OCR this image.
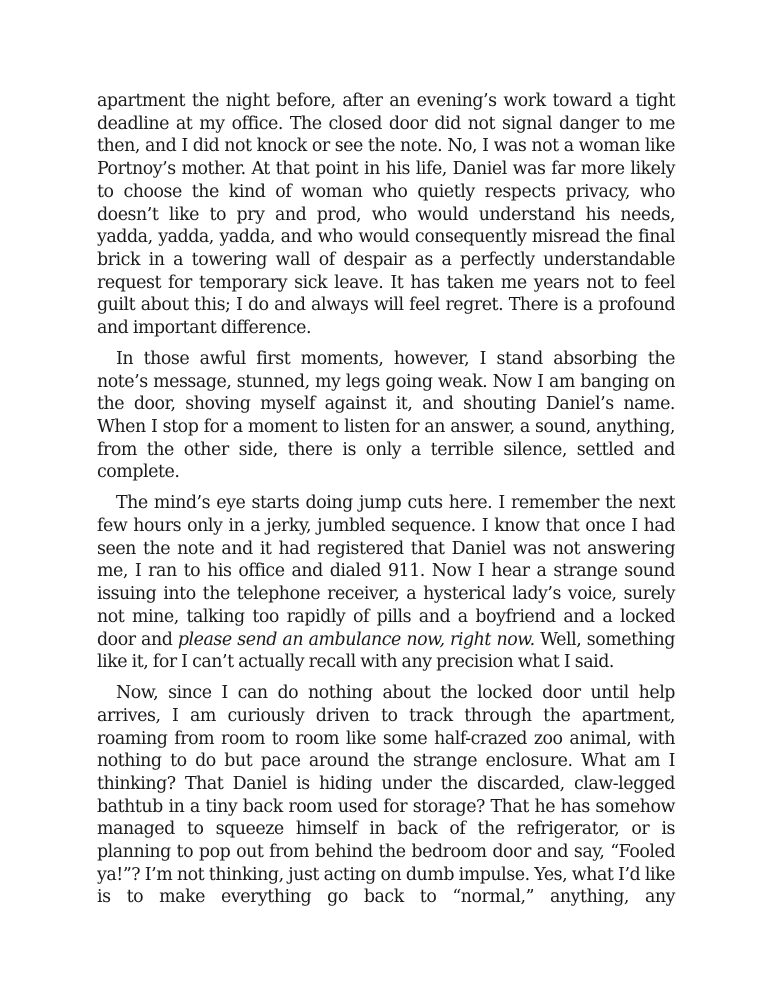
apartment the night before, after an evening’s work toward a tight deadline at my office. The closed door did not signal danger to me then, and I did not knock or see the note. No, I was not a woman like Portnoy’s mother. At that point in his life, Daniel was far more likely to choose the kind of woman who quietly respects privacy, who doesn’t like to pry and prod, who would understand his needs, yadda, yadda, yadda, and who would consequently misread the final brick in a towering wall of despair as a perfectly understandable request for temporary sick leave. It has taken me years not to feel guilt about this; I do and always will feel regret. There is a profound and important difference.

In those awful first moments, however, I stand absorbing the note’s message, stunned, my legs going weak. Now I am banging on the door, shoving myself against it, and shouting Daniel’s name. When I stop for a moment to listen for an answer, a sound, anything, from the other side, there is only a terrible silence, settled and complete.

The mind’s eye starts doing jump cuts here. I remember the next few hours only in a jerky, jumbled sequence. I know that once I had seen the note and it had registered that Daniel was not answering me, I ran to his office and dialed 911. Now I hear a strange sound issuing into the telephone receiver, a hysterical lady’s voice, surely not mine, talking too rapidly of pills and a boyfriend and a locked door and please send an ambulance now, right now. Well, something like it, for I can’t actually recall with any precision what I said.

Now, since I can do nothing about the locked door until help arrives, I am curiously driven to track through the apartment, roaming from room to room like some half-crazed zoo animal, with nothing to do but pace around the strange enclosure. What am I thinking? That Daniel is hiding under the discarded, claw-legged bathtub in a tiny back room used for storage? That he has somehow managed to squeeze himself in back of the refrigerator, or is planning to pop out from behind the bedroom door and say, “Fooled ya!”? I’m not thinking, just acting on dumb impulse. Yes, what I’d like is to make everything go back to “normal,” anything, any
